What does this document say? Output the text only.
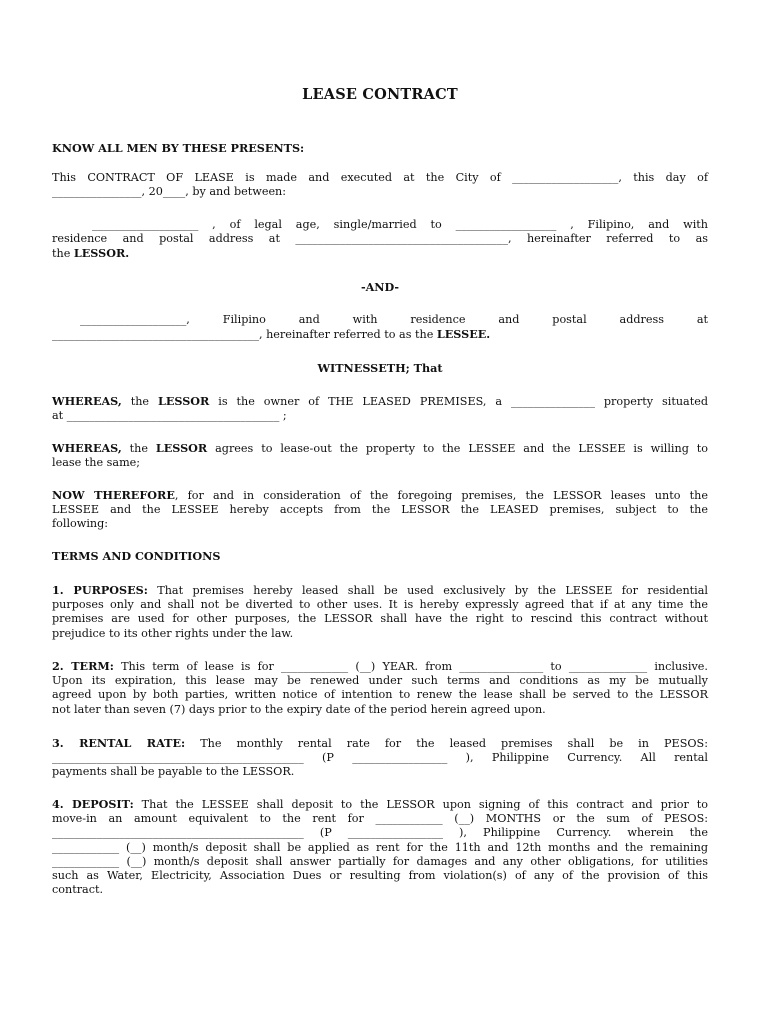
LEASE CONTRACT
KNOW ALL MEN BY THESE PRESENTS:
This CONTRACT OF LEASE is made and executed at the City of ___________________, this day of
________________, 20____, by and between:
___________________ , of legal age, single/married to __________________ , Filipino, and with
residence and postal address at ______________________________________, hereinafter referred to as
the LESSOR.
-AND-
___________________, Filipino and with residence and postal address at
_____________________________________, hereinafter referred to as the LESSEE.
WITNESSETH; That
WHEREAS, the LESSOR is the owner of THE LEASED PREMISES, a _______________ property situated
at ______________________________________ ;
WHEREAS, the LESSOR agrees to lease-out the property to the LESSEE and the LESSEE is willing to
lease the same;
NOW THEREFORE, for and in consideration of the foregoing premises, the LESSOR leases unto the
LESSEE and the LESSEE hereby accepts from the LESSOR the LEASED premises, subject to the
following:
TERMS AND CONDITIONS
1. PURPOSES: That premises hereby leased shall be used exclusively by the LESSEE for residential
purposes only and shall not be diverted to other uses. It is hereby expressly agreed that if at any time the
premises are used for other purposes, the LESSOR shall have the right to rescind this contract without
prejudice to its other rights under the law.
2. TERM: This term of lease is for ____________ (__) YEAR. from _______________ to ______________ inclusive.
Upon its expiration, this lease may be renewed under such terms and conditions as my be mutually
agreed upon by both parties, written notice of intention to renew the lease shall be served to the LESSOR
not later than seven (7) days prior to the expiry date of the period herein agreed upon.
3. RENTAL RATE: The monthly rental rate for the leased premises shall be in PESOS:
_____________________________________________ (P _________________ ), Philippine Currency. All rental
payments shall be payable to the LESSOR.
4. DEPOSIT: That the LESSEE shall deposit to the LESSOR upon signing of this contract and prior to
move-in an amount equivalent to the rent for ____________ (__) MONTHS or the sum of PESOS:
_____________________________________________ (P _________________ ), Philippine Currency. wherein the
____________ (__) month/s deposit shall be applied as rent for the 11th and 12th months and the remaining
____________ (__) month/s deposit shall answer partially for damages and any other obligations, for utilities
such as Water, Electricity, Association Dues or resulting from violation(s) of any of the provision of this
contract.
